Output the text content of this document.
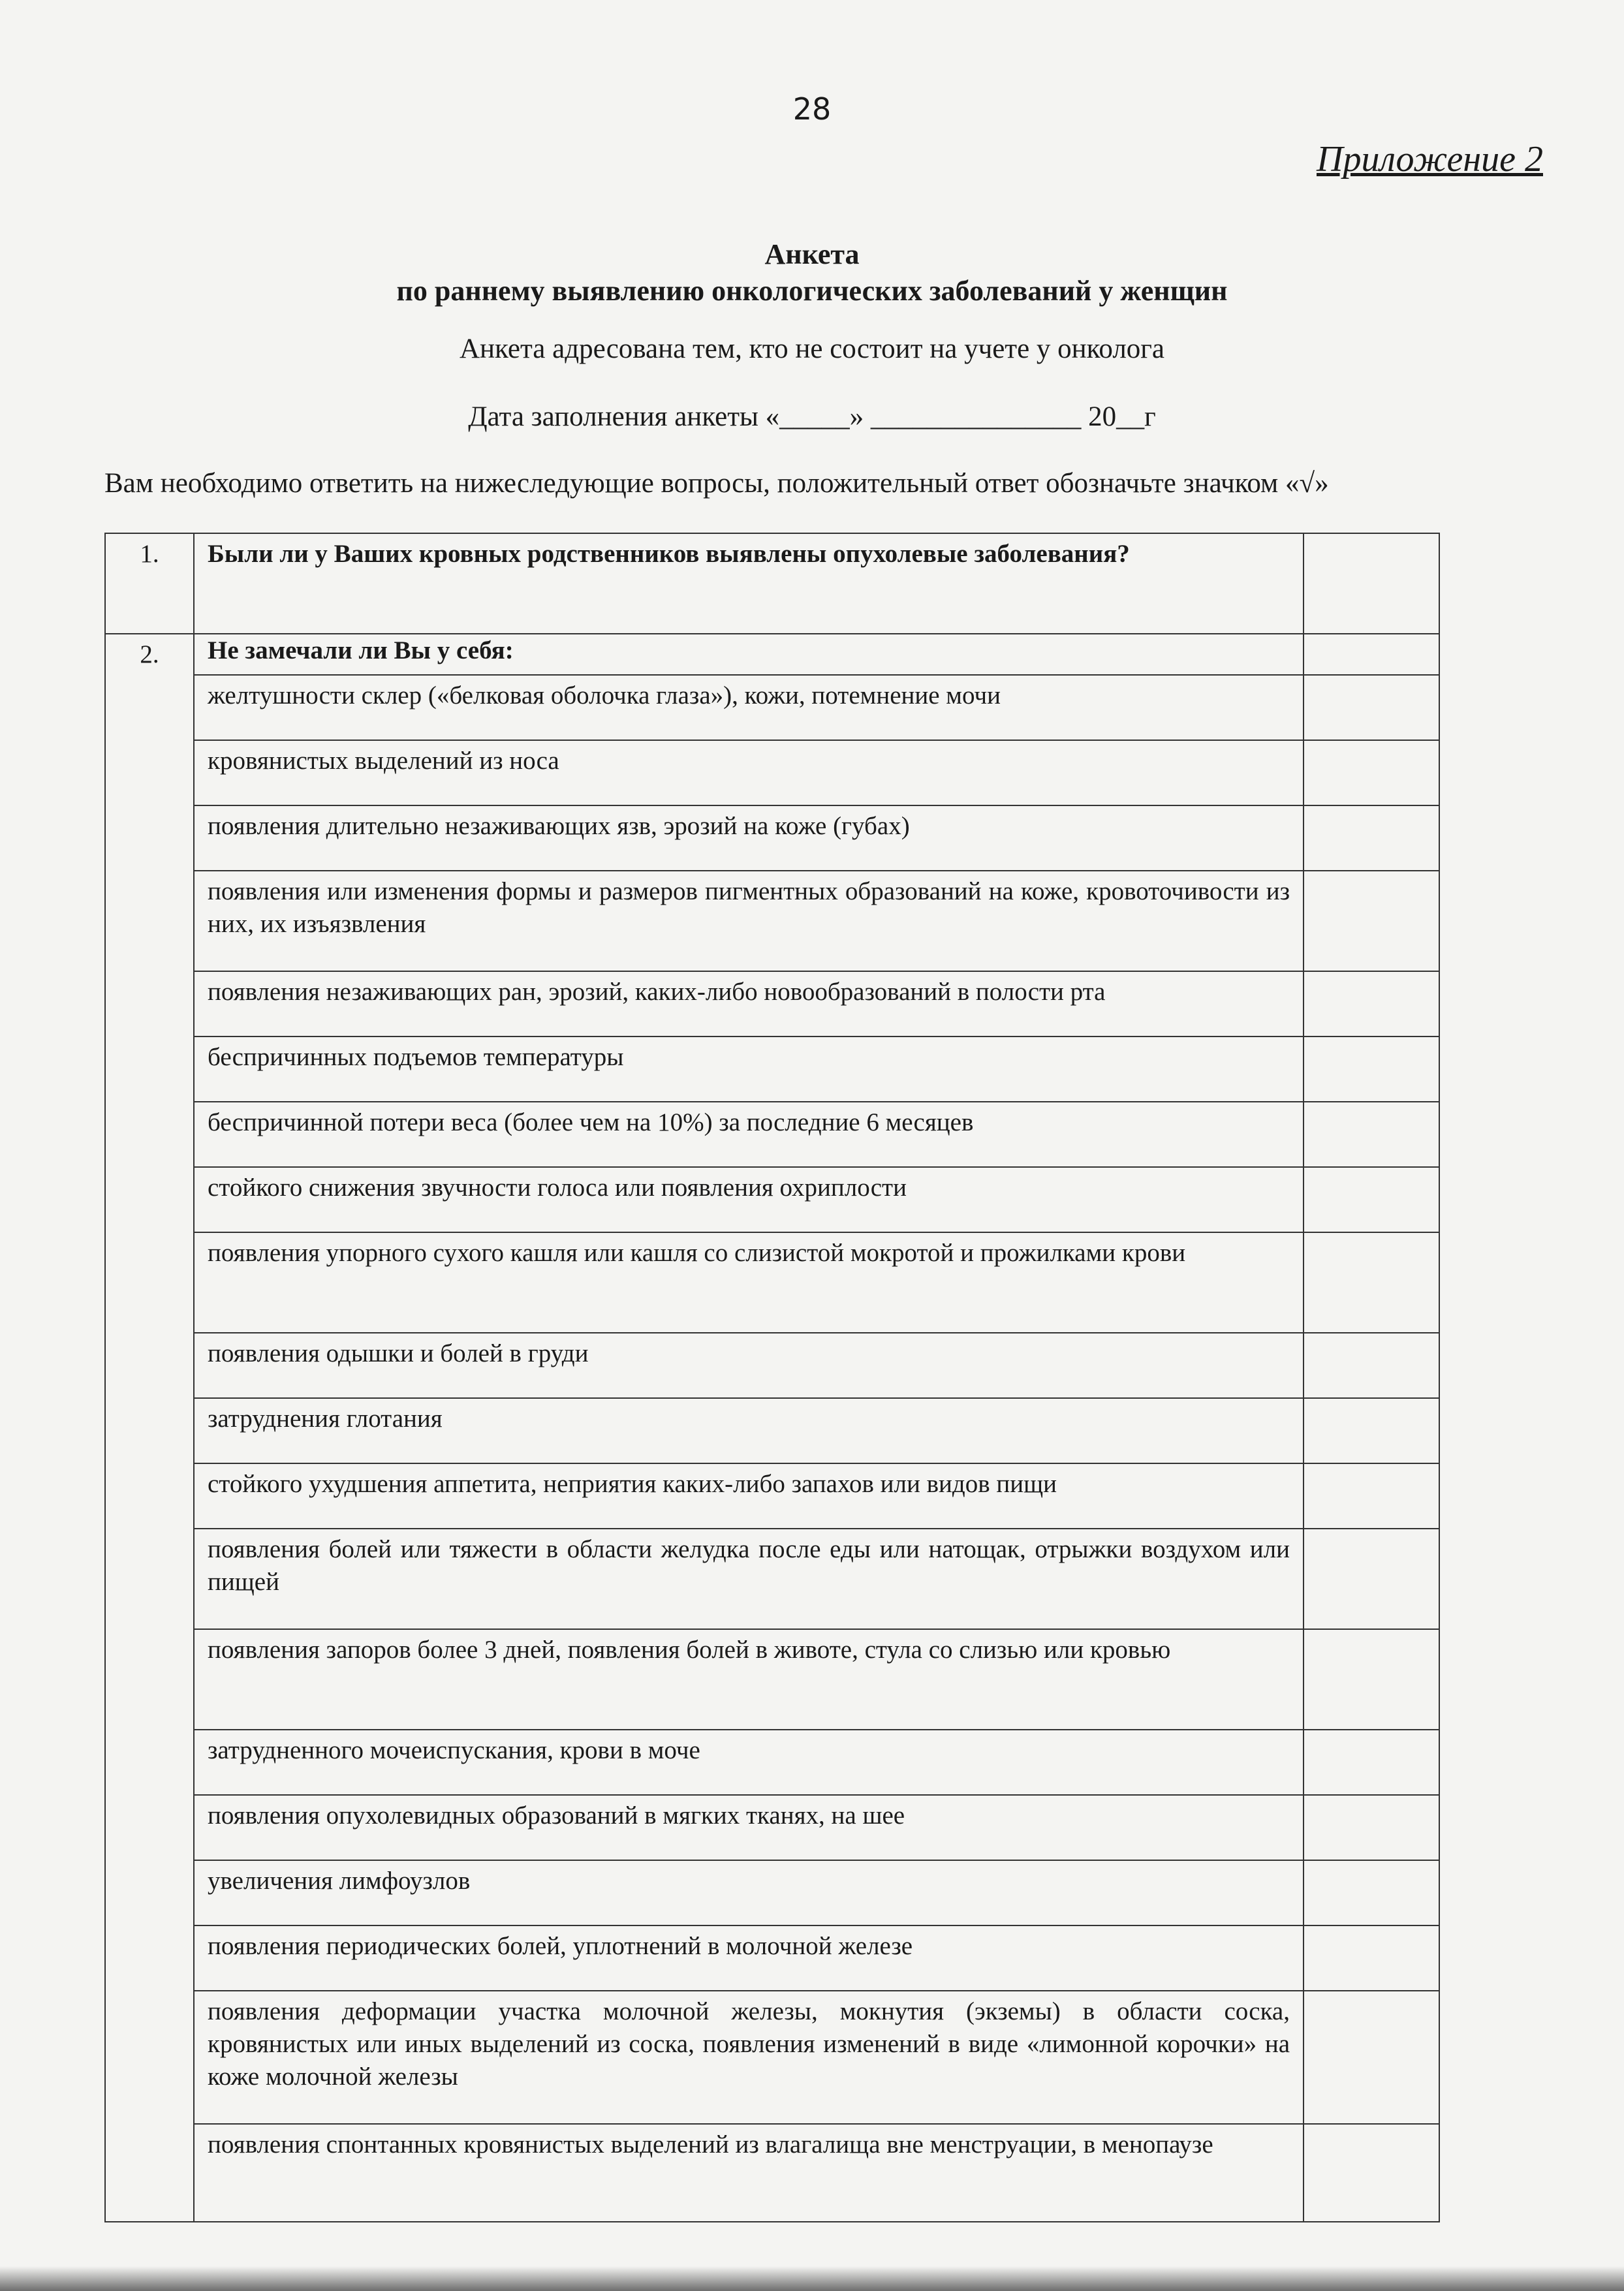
28
Приложение 2
Анкета
по раннему выявлению онкологических заболеваний у женщин
Анкета адресована тем, кто не состоит на учете у онколога
Дата заполнения анкеты «_____» _______________ 20__г
Вам необходимо ответить на нижеследующие вопросы, положительный ответ обозначьте значком «√»
1.	Были ли у Ваших кровных родственников выявлены опухолевые заболевания?	
2.	Не замечали ли Вы у себя:	
	желтушности склер («белковая оболочка глаза»), кожи, потемнение мочи	
	кровянистых выделений из носа	
	появления длительно незаживающих язв, эрозий на коже (губах)	
	появления или изменения формы и размеров пигментных образований на коже, кровоточивости из них, их изъязвления	
	появления незаживающих ран, эрозий, каких-либо новообразований в полости рта	
	беспричинных подъемов температуры	
	беспричинной потери веса (более чем на 10%) за последние 6 месяцев	
	стойкого снижения звучности голоса или появления охриплости	
	появления упорного сухого кашля или кашля со слизистой мокротой и прожилками крови	
	появления одышки и болей в груди	
	затруднения глотания	
	стойкого ухудшения аппетита, неприятия каких-либо запахов или видов пищи	
	появления болей или тяжести в области желудка после еды или натощак, отрыжки воздухом или пищей	
	появления запоров более 3 дней, появления болей в животе, стула со слизью или кровью	
	затрудненного мочеиспускания, крови в моче	
	появления опухолевидных образований в мягких тканях, на шее	
	увеличения лимфоузлов	
	появления периодических болей, уплотнений в молочной железе	
	появления деформации участка молочной железы, мокнутия (экземы) в области соска, кровянистых или иных выделений из соска, появления изменений в виде «лимонной корочки» на коже молочной железы	
	появления спонтанных кровянистых выделений из влагалища вне менструации, в менопаузе	
